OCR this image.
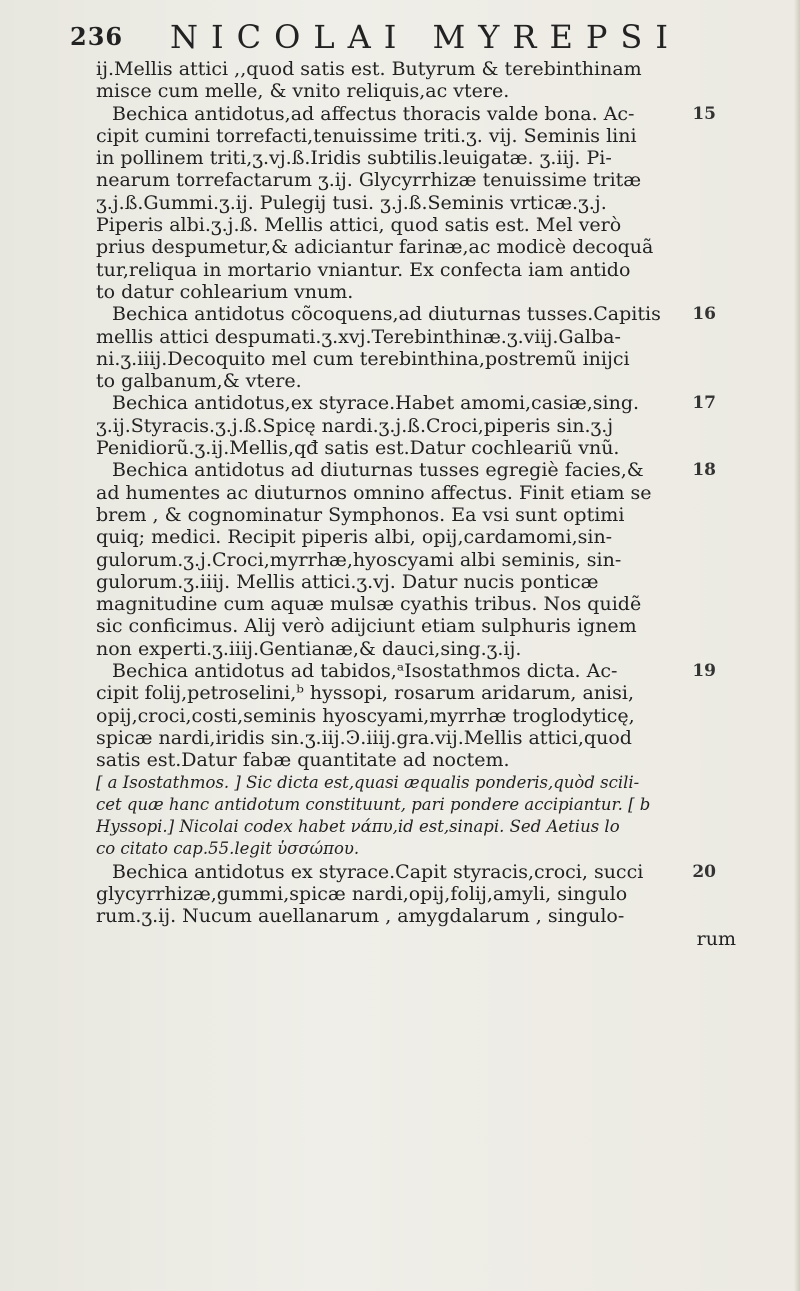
236 NICOLAI MYREPSI
ij.Mellis attici ,,quod satis est. Butyrum & terebinthinam
misce cum melle, & vnito reliquis,ac vtere.
Bechica antidotus,ad affectus thoracis valde bona. Ac-	15
cipit cumini torrefacti,tenuissime triti.ʒ. vij. Seminis lini
in pollinem triti,ʒ.vj.ß.Iridis subtilis.leuigatæ. ʒ.iij. Pi-
nearum torrefactarum ʒ.ij. Glycyrrhizæ tenuissime tritæ
ʒ.j.ß.Gummi.ʒ.ij. Pulegij tusi. ʒ.j.ß.Seminis vrticæ.ʒ.j.
Piperis albi.ʒ.j.ß. Mellis attici, quod satis est. Mel verò
prius despumetur,& adiciantur farinæ,ac modicè decoquã
tur,reliqua in mortario vniantur. Ex confecta iam antido
to datur cohlearium vnum.
Bechica antidotus cõcoquens,ad diuturnas tusses.Capitis 16
mellis attici despumati.ʒ.xvj.Terebinthinæ.ʒ.viij.Galba-
ni.ʒ.iiij.Decoquito mel cum terebinthina,postremũ inijci
to galbanum,& vtere.
Bechica antidotus,ex styrace.Habet amomi,casiæ,sing.	17
ʒ.ij.Styracis.ʒ.j.ß.Spicę nardi.ʒ.j.ß.Croci,piperis sin.ʒ.j
Penidiorũ.ʒ.ij.Mellis,qđ satis est.Datur cochleariũ vnũ.
Bechica antidotus ad diuturnas tusses egregiè facies,&	18
ad humentes ac diuturnos omnino affectus. Finit etiam se
brem , & cognominatur Symphonos. Ea vsi sunt optimi
quiq; medici. Recipit piperis albi, opij,cardamomi,sin-
gulorum.ʒ.j.Croci,myrrhæ,hyoscyami albi seminis, sin-
gulorum.ʒ.iiij. Mellis attici.ʒ.vj. Datur nucis ponticæ
magnitudine cum aquæ mulsæ cyathis tribus. Nos quidẽ
sic conficimus. Alij verò adijciunt etiam sulphuris ignem
non experti.ʒ.iiij.Gentianæ,& dauci,sing.ʒ.ij.
Bechica antidotus ad tabidos,ᵃIsostathmos dicta. Ac-	19
cipit folij,petroselini,ᵇ hyssopi, rosarum aridarum, anisi,
opij,croci,costi,seminis hyoscyami,myrrhæ troglodyticę,
spicæ nardi,iridis sin.ʒ.iij.Ͽ.iiij.gra.vij.Mellis attici,quod
satis est.Datur fabæ quantitate ad noctem.
[ a Isostathmos. ] Sic dicta est,quasi æqualis ponderis,quòd scili-
cet quæ hanc antidotum constituunt, pari pondere accipiantur. [ b
Hyssopi.] Nicolai codex habet νάπυ,id est,sinapi. Sed Aetius lo
co citato cap.55.legit ὑσσώπου.
Bechica antidotus ex styrace.Capit styracis,croci, succi	20
glycyrrhizæ,gummi,spicæ nardi,opij,folij,amyli, singulo
rum.ʒ.ij. Nucum auellanarum , amygdalarum , singulo-
rum
